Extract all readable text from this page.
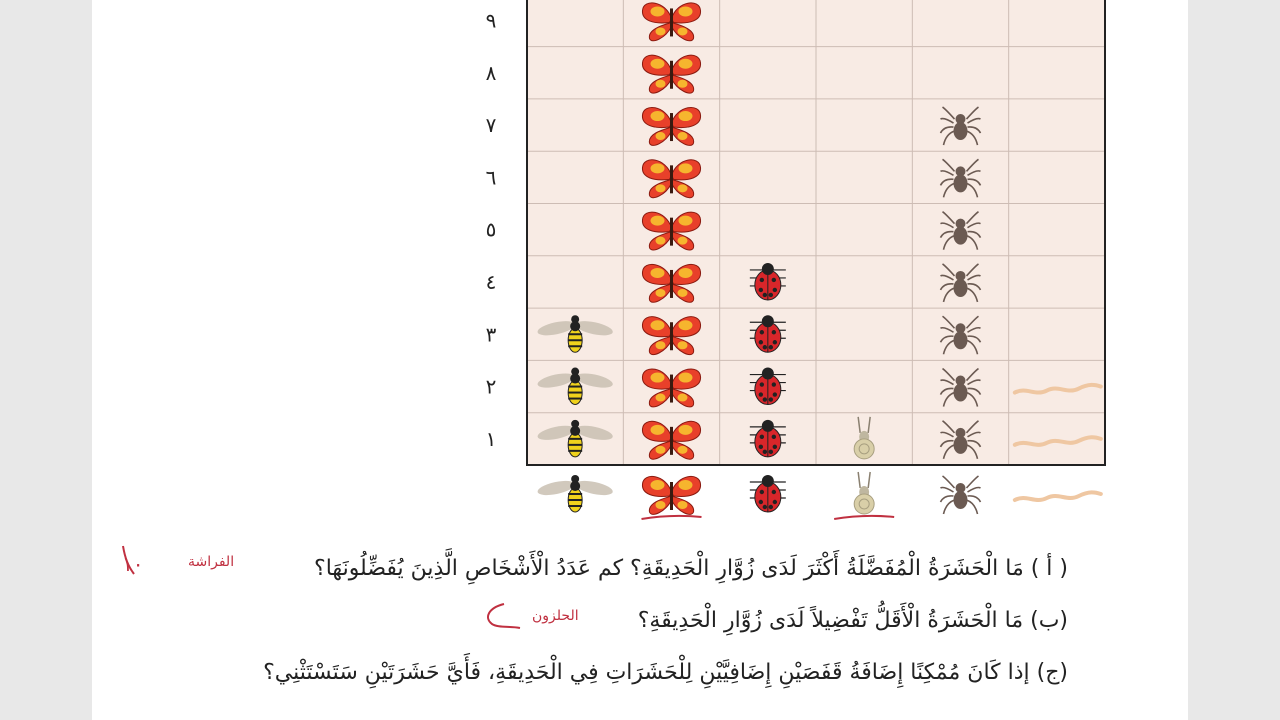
١
٢
٣
٤
٥
٦
٧
٨
٩
( أ ) مَا الْحَشَرَةُ الْمُفَضَّلَةُ أَكْثَرَ لَدَى زُوَّارِ الْحَدِيقَةِ؟ كم عَدَدُ الْأَشْخَاصِ الَّذِينَ يُفَضِّلُونَهَا؟
(ب) مَا الْحَشَرَةُ الْأَقَلُّ تَفْضِيلاً لَدَى زُوَّارِ الْحَدِيقَةِ؟
(ج) إذا كَانَ مُمْكِنًا إِضَافَةُ قَفَصَيْنِ إِضَافِيَّيْنِ لِلْحَشَرَاتِ فِي الْحَدِيقَةِ، فَأَيَّ حَشَرَتَيْنِ سَتَسْتَثْنِي؟
الفراشة
١٠
الحلزون
